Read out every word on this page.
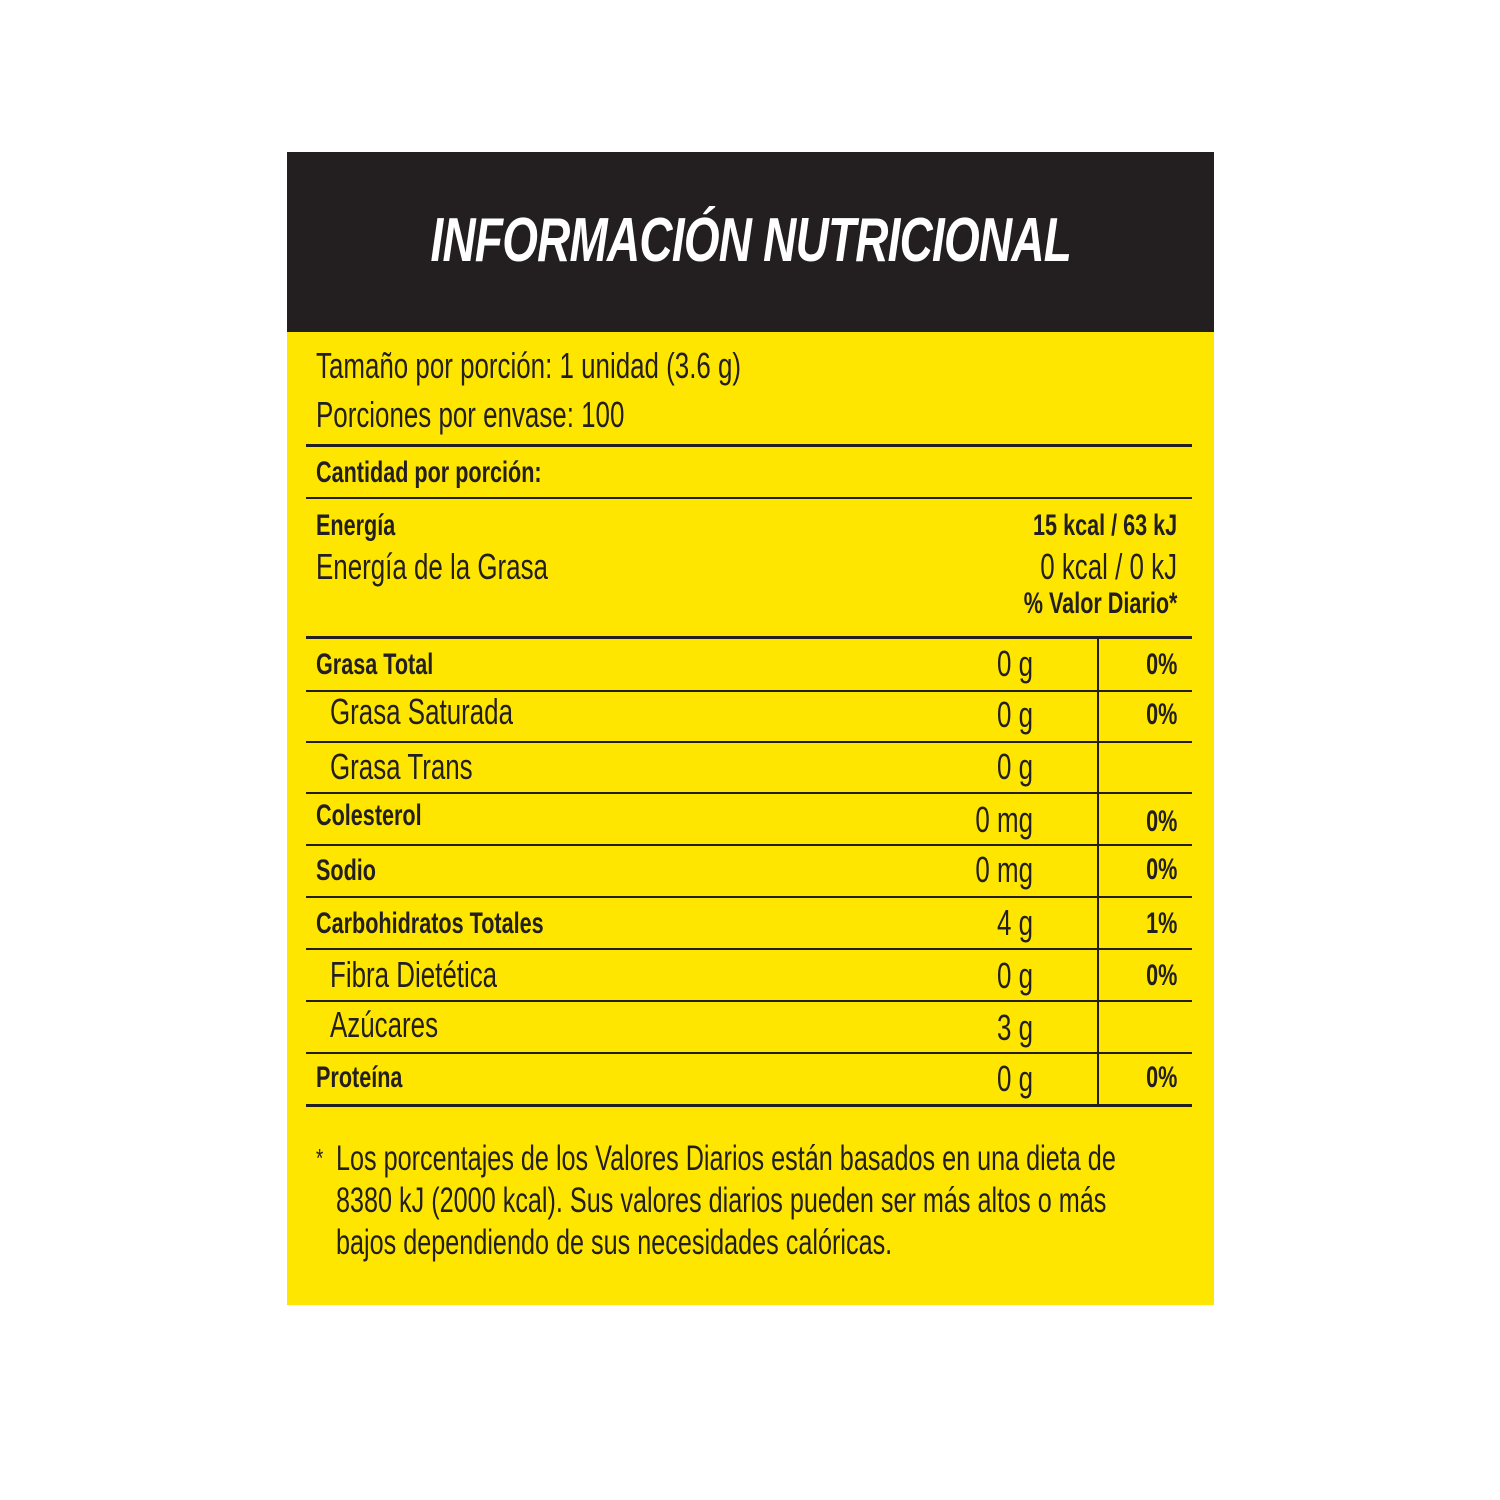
INFORMACIÓN NUTRICIONAL
Tamaño por porción: 1 unidad (3.6 g)
Porciones por envase: 100
Cantidad por porción:
Energía	15 kcal / 63 kJ
Energía de la Grasa	0 kcal / 0 kJ
% Valor Diario*
Grasa Total	0 g	0%
Grasa Saturada	0 g	0%
Grasa Trans	0 g
Colesterol	0 mg	0%
Sodio	0 mg	0%
Carbohidratos Totales	4 g	1%
Fibra Dietética	0 g	0%
Azúcares	3 g
Proteína	0 g	0%
* Los porcentajes de los Valores Diarios están basados en una dieta de
8380 kJ (2000 kcal). Sus valores diarios pueden ser más altos o más
bajos dependiendo de sus necesidades calóricas.
